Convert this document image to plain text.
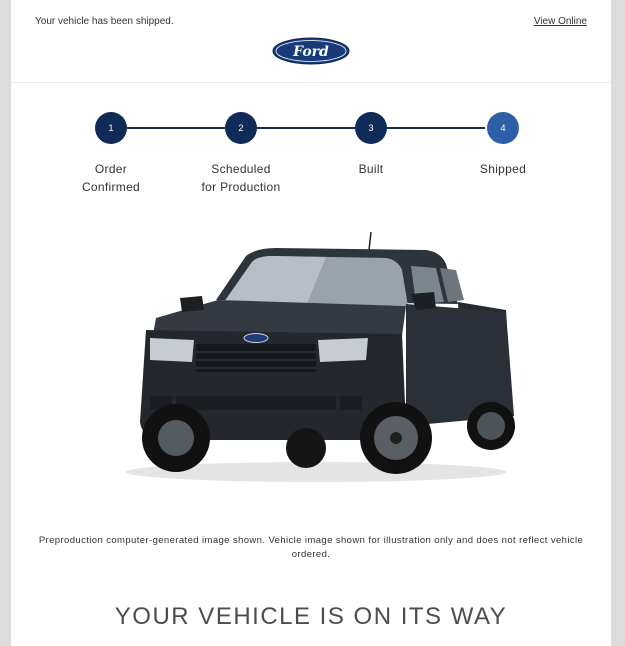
Your vehicle has been shipped.	View Online
Ford
1	2	3	4
Order
Confirmed
Scheduled
for Production
Built	Shipped
Preproduction computer-generated image shown. Vehicle image shown for illustration only and does not reflect vehicle ordered.
YOUR VEHICLE IS ON ITS WAY
